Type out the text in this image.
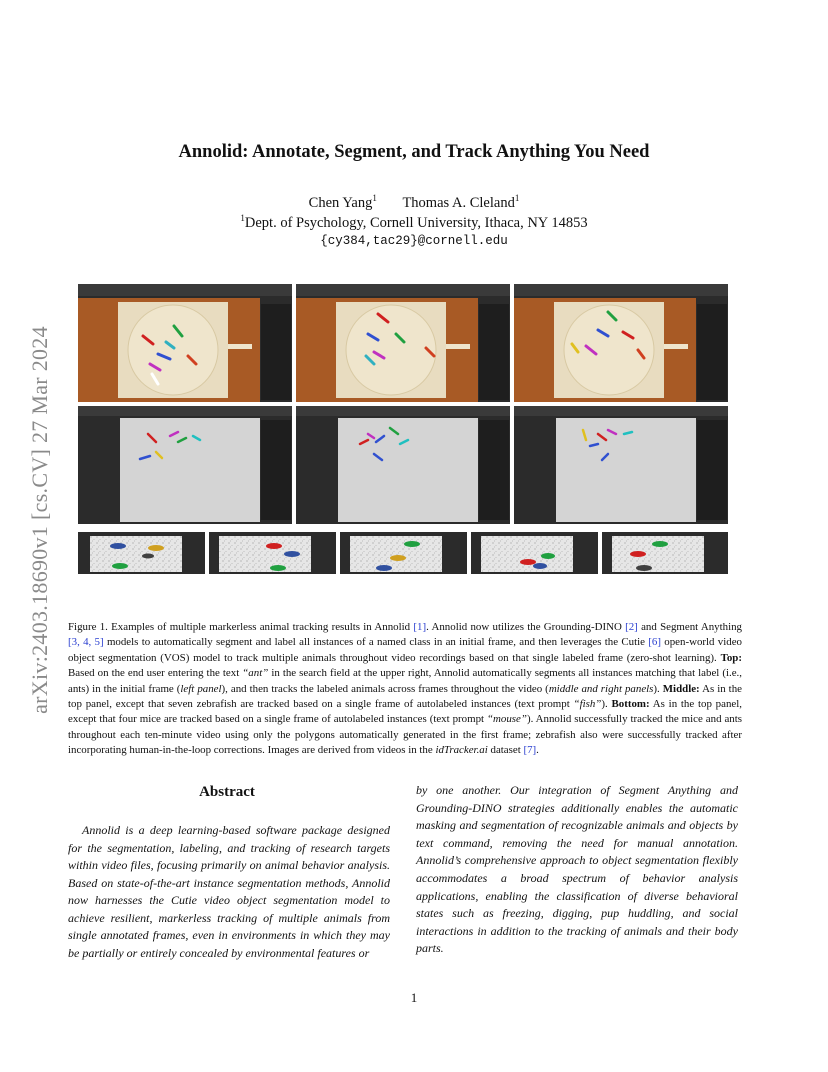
arXiv:2403.18690v1 [cs.CV] 27 Mar 2024
Annolid: Annotate, Segment, and Track Anything You Need
Chen Yang$^1$ Thomas A. Cleland$^1$
$^1$Dept. of Psychology, Cornell University, Ithaca, NY 14853
{cy384,tac29}@cornell.edu
Figure 1. Examples of multiple markerless animal tracking results in Annolid [1]. Annolid now utilizes the Grounding-DINO [2] and Segment Anything [3, 4, 5] models to automatically segment and label all instances of a named class in an initial frame, and then leverages the Cutie [6] open-world video object segmentation (VOS) model to track multiple animals throughout video recordings based on that single labeled frame (zero-shot learning). Top: Based on the end user entering the text “ant” in the search field at the upper right, Annolid automatically segments all instances matching that label (i.e., ants) in the initial frame (left panel), and then tracks the labeled animals across frames throughout the video (middle and right panels). Middle: As in the top panel, except that seven zebrafish are tracked based on a single frame of autolabeled instances (text prompt “fish”). Bottom: As in the top panel, except that four mice are tracked based on a single frame of autolabeled instances (text prompt “mouse”). Annolid successfully tracked the mice and ants throughout each ten-minute video using only the polygons automatically generated in the first frame; zebrafish also were successfully tracked after incorporating human-in-the-loop corrections. Images are derived from videos in the idTracker.ai dataset [7].
Abstract
Annolid is a deep learning-based software package designed for the segmentation, labeling, and tracking of research targets within video files, focusing primarily on animal behavior analysis. Based on state-of-the-art instance segmentation methods, Annolid now harnesses the Cutie video object segmentation model to achieve resilient, markerless tracking of multiple animals from single annotated frames, even in environments in which they may be partially or entirely concealed by environmental features or
by one another. Our integration of Segment Anything and Grounding-DINO strategies additionally enables the automatic masking and segmentation of recognizable animals and objects by text command, removing the need for manual annotation. Annolid’s comprehensive approach to object segmentation flexibly accommodates a broad spectrum of behavior analysis applications, enabling the classification of diverse behavioral states such as freezing, digging, pup huddling, and social interactions in addition to the tracking of animals and their body parts.
1
